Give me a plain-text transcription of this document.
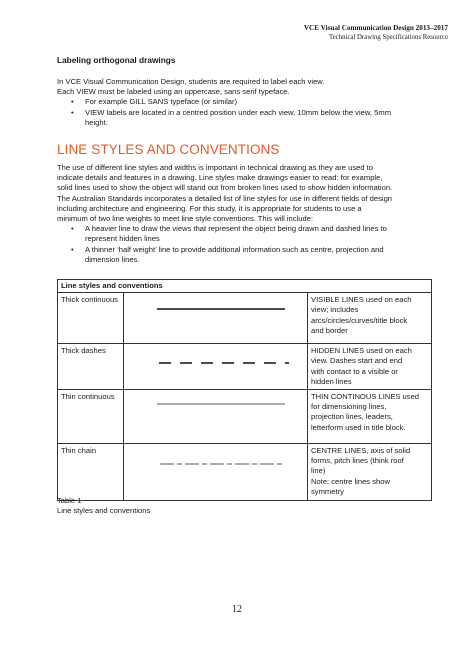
VCE Visual Communication Design 2013–2017
Technical Drawing Specifications Resource
Labeling orthogonal drawings

In VCE Visual Communication Design, students are required to label each view.

Each VIEW must be labeled using an uppercase, sans serif typeface.

• For example GILL SANS typeface (or similar)
• VIEW labels are located in a centred position under each view, 10mm below the view, 5mm
height.
LINE STYLES AND CONVENTIONS

The use of different line styles and widths is important in technical drawing as they are used to

indicate details and features in a drawing. Line styles make drawings easier to read: for example,

solid lines used to show the object will stand out from broken lines used to show hidden information.

The Australian Standards incorporates a detailed list of line styles for use in different fields of design

including architecture and engineering. For this study, it is appropriate for students to use a

minimum of two line weights to meet line style conventions. This will include:

• A heavier line to draw the views that represent the object being drawn and dashed lines to
represent hidden lines
• A thinner ‘half weight’ line to provide additional information such as centre, projection and
dimension lines.
Line styles and conventions		
Thick continuous		VISIBLE LINES used on each
view; includes
arcs/circles/curves/title block
and border

Thick dashes		HIDDEN LINES used on each
view. Dashes start and end
with contact to a visible or
hidden lines

Thin continuous		THIN CONTINOUS LINES used
for dimensioning lines,
projection lines, leaders,
letterform used in title block.

Thin chain		CENTRE LINES, axis of solid
forms, pitch lines (think roof
line)
Note: centre lines show
symmetry
Table 1
Line styles and conventions
12
